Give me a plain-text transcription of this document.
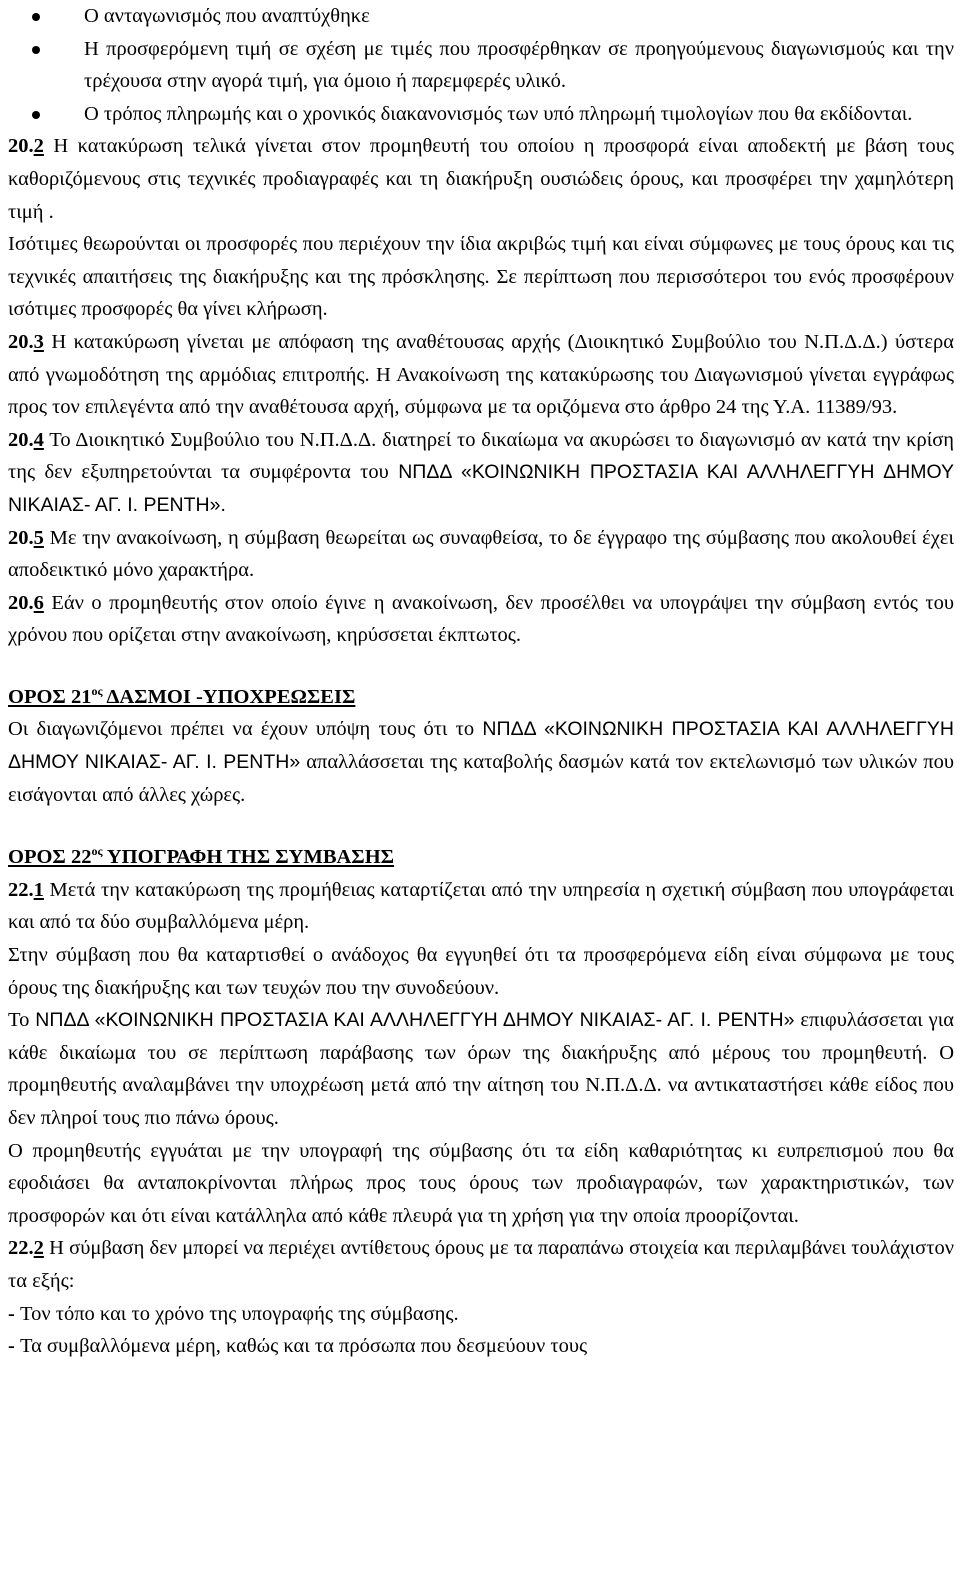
Ο ανταγωνισμός που αναπτύχθηκε
Η προσφερόμενη τιμή σε σχέση με τιμές που προσφέρθηκαν σε προηγούμενους διαγωνισμούς και την τρέχουσα στην αγορά τιμή, για όμοιο ή παρεμφερές υλικό.
Ο τρόπος πληρωμής και ο χρονικός διακανονισμός των υπό πληρωμή τιμολογίων που θα εκδίδονται.

20.2 Η κατακύρωση τελικά γίνεται στον προμηθευτή του οποίου η προσφορά είναι αποδεκτή με βάση τους καθοριζόμενους στις τεχνικές προδιαγραφές και τη διακήρυξη ουσιώδεις όρους, και προσφέρει την χαμηλότερη τιμή .

Ισότιμες θεωρούνται οι προσφορές που περιέχουν την ίδια ακριβώς τιμή και είναι σύμφωνες με τους όρους και τις τεχνικές απαιτήσεις της διακήρυξης και της πρόσκλησης. Σε περίπτωση που περισσότεροι του ενός προσφέρουν ισότιμες προσφορές θα γίνει κλήρωση.

20.3 Η κατακύρωση γίνεται με απόφαση της αναθέτουσας αρχής (Διοικητικό Συμβούλιο του Ν.Π.Δ.Δ.) ύστερα από γνωμοδότηση της αρμόδιας επιτροπής. Η Ανακοίνωση της κατακύρωσης του Διαγωνισμού γίνεται εγγράφως προς τον επιλεγέντα από την αναθέτουσα αρχή, σύμφωνα με τα οριζόμενα στο άρθρο 24 της Υ.Α. 11389/93.

20.4 Το Διοικητικό Συμβούλιο του Ν.Π.Δ.Δ. διατηρεί το δικαίωμα να ακυρώσει το διαγωνισμό αν κατά την κρίση της δεν εξυπηρετούνται τα συμφέροντα του ΝΠΔΔ «ΚΟΙΝΩΝΙΚΗ ΠΡΟΣΤΑΣΙΑ ΚΑΙ ΑΛΛΗΛΕΓΓΥΗ ΔΗΜΟΥ ΝΙΚΑΙΑΣ- ΑΓ. Ι. ΡΕΝΤΗ».

20.5 Με την ανακοίνωση, η σύμβαση θεωρείται ως συναφθείσα, το δε έγγραφο της σύμβασης που ακολουθεί έχει αποδεικτικό μόνο χαρακτήρα.

20.6 Εάν ο προμηθευτής στον οποίο έγινε η ανακοίνωση, δεν προσέλθει να υπογράψει την σύμβαση εντός του χρόνου που ορίζεται στην ανακοίνωση, κηρύσσεται έκπτωτος.

ΟΡΟΣ $21^{o\varsigma}$ ΔΑΣΜΟΙ -ΥΠΟΧΡΕΩΣΕΙΣ

Οι διαγωνιζόμενοι πρέπει να έχουν υπόψη τους ότι το ΝΠΔΔ «ΚΟΙΝΩΝΙΚΗ ΠΡΟΣΤΑΣΙΑ ΚΑΙ ΑΛΛΗΛΕΓΓΥΗ ΔΗΜΟΥ ΝΙΚΑΙΑΣ- ΑΓ. Ι. ΡΕΝΤΗ» απαλλάσσεται της καταβολής δασμών κατά τον εκτελωνισμό των υλικών που εισάγονται από άλλες χώρες.

ΟΡΟΣ $22^{o\varsigma}$ ΥΠΟΓΡΑΦΗ ΤΗΣ ΣΥΜΒΑΣΗΣ

22.1 Μετά την κατακύρωση της προμήθειας καταρτίζεται από την υπηρεσία η σχετική σύμβαση που υπογράφεται και από τα δύο συμβαλλόμενα μέρη.

Στην σύμβαση που θα καταρτισθεί ο ανάδοχος θα εγγυηθεί ότι τα προσφερόμενα είδη είναι σύμφωνα με τους όρους της διακήρυξης και των τευχών που την συνοδεύουν.

Το ΝΠΔΔ «ΚΟΙΝΩΝΙΚΗ ΠΡΟΣΤΑΣΙΑ ΚΑΙ ΑΛΛΗΛΕΓΓΥΗ ΔΗΜΟΥ ΝΙΚΑΙΑΣ- ΑΓ. Ι. ΡΕΝΤΗ» επιφυλάσσεται για κάθε δικαίωμα του σε περίπτωση παράβασης των όρων της διακήρυξης από μέρους του προμηθευτή. Ο προμηθευτής αναλαμβάνει την υποχρέωση μετά από την αίτηση του Ν.Π.Δ.Δ. να αντικαταστήσει κάθε είδος που δεν πληροί τους πιο πάνω όρους.

Ο προμηθευτής εγγυάται με την υπογραφή της σύμβασης ότι τα είδη καθαριότητας κι ευπρεπισμού που θα εφοδιάσει θα ανταποκρίνονται πλήρως προς τους όρους των προδιαγραφών, των χαρακτηριστικών, των προσφορών και ότι είναι κατάλληλα από κάθε πλευρά για τη χρήση για την οποία προορίζονται.

22.2 Η σύμβαση δεν μπορεί να περιέχει αντίθετους όρους με τα παραπάνω στοιχεία και περιλαμβάνει τουλάχιστον τα εξής:

- Τον τόπο και το χρόνο της υπογραφής της σύμβασης.

- Τα συμβαλλόμενα μέρη, καθώς και τα πρόσωπα που δεσμεύουν τους
